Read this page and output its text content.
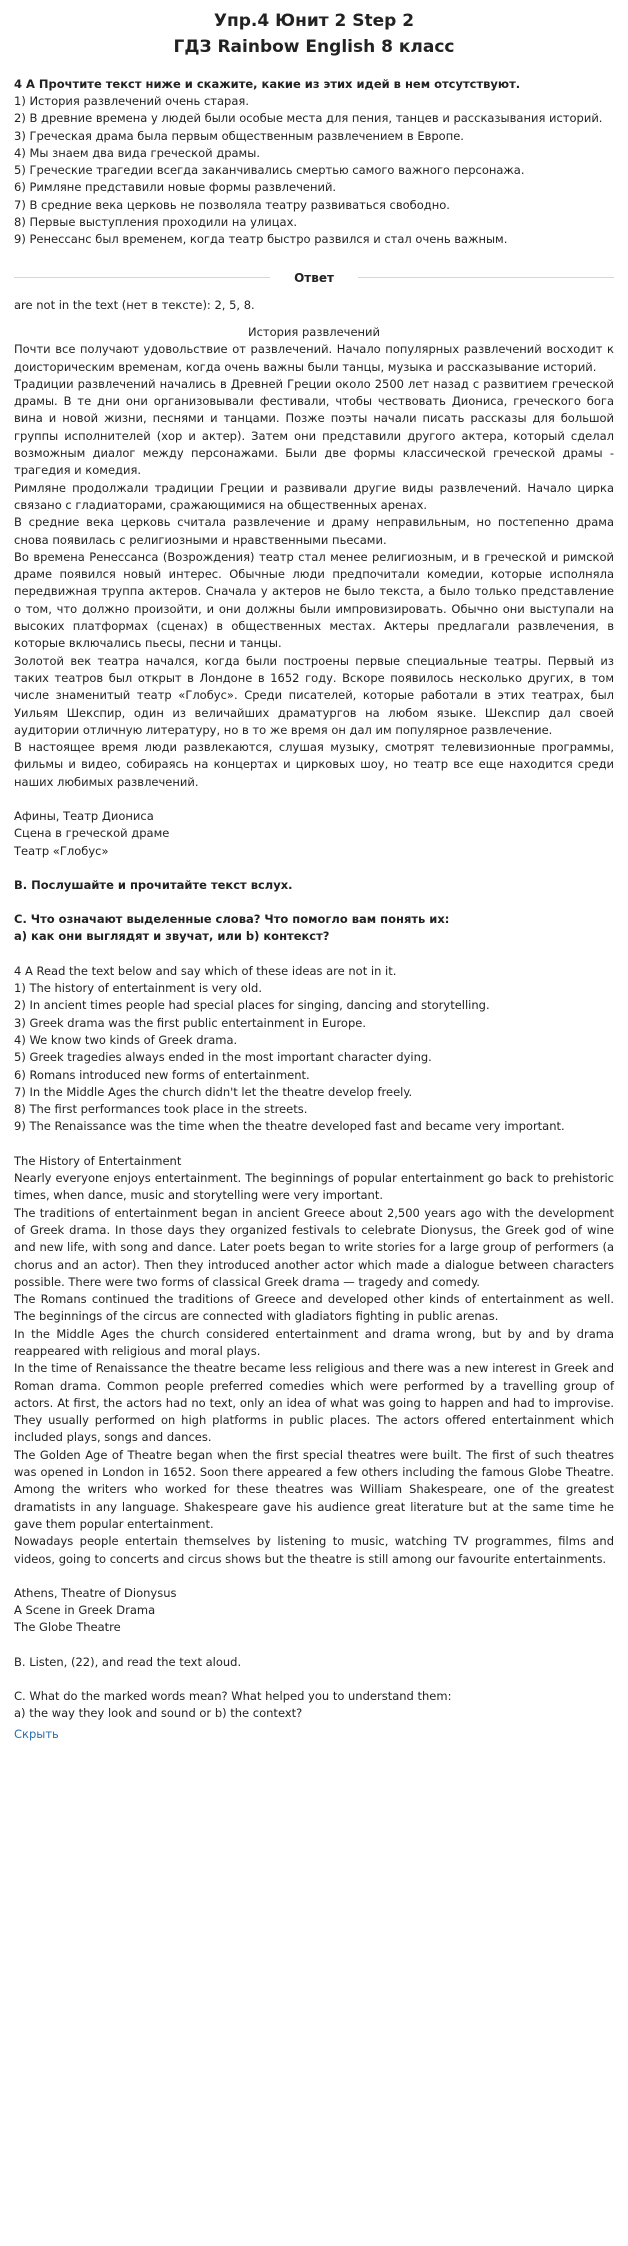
Упр.4 Юнит 2 Step 2
ГДЗ Rainbow English 8 класс

4 А Прочтите текст ниже и скажите, какие из этих идей в нем отсутствуют.

1) История развлечений очень старая.
2) В древние времена у людей были особые места для пения, танцев и рассказывания историй.
3) Греческая драма была первым общественным развлечением в Европе.
4) Мы знаем два вида греческой драмы.
5) Греческие трагедии всегда заканчивались смертью самого важного персонажа.
6) Римляне представили новые формы развлечений.
7) В средние века церковь не позволяла театру развиваться свободно.
8) Первые выступления проходили на улицах.
9) Ренессанс был временем, когда театр быстро развился и стал очень важным.
Ответ

are not in the text (нет в тексте): 2, 5, 8.

История развлечений

Почти все получают удовольствие от развлечений. Начало популярных развлечений восходит к доисторическим временам, когда очень важны были танцы, музыка и рассказывание историй.

Традиции развлечений начались в Древней Греции около 2500 лет назад с развитием греческой драмы. В те дни они организовывали фестивали, чтобы чествовать Диониса, греческого бога вина и новой жизни, песнями и танцами. Позже поэты начали писать рассказы для большой группы исполнителей (хор и актер). Затем они представили другого актера, который сделал возможным диалог между персонажами. Были две формы классической греческой драмы - трагедия и комедия.

Римляне продолжали традиции Греции и развивали другие виды развлечений. Начало цирка связано с гладиаторами, сражающимися на общественных аренах.

В средние века церковь считала развлечение и драму неправильным, но постепенно драма снова появилась с религиозными и нравственными пьесами.

Во времена Ренессанса (Возрождения) театр стал менее религиозным, и в греческой и римской драме появился новый интерес. Обычные люди предпочитали комедии, которые исполняла передвижная труппа актеров. Сначала у актеров не было текста, а было только представление о том, что должно произойти, и они должны были импровизировать. Обычно они выступали на высоких платформах (сценах) в общественных местах. Актеры предлагали развлечения, в которые включались пьесы, песни и танцы.

Золотой век театра начался, когда были построены первые специальные театры. Первый из таких театров был открыт в Лондоне в 1652 году. Вскоре появилось несколько других, в том числе знаменитый театр «Глобус». Среди писателей, которые работали в этих театрах, был Уильям Шекспир, один из величайших драматургов на любом языке. Шекспир дал своей аудитории отличную литературу, но в то же время он дал им популярное развлечение.

В настоящее время люди развлекаются, слушая музыку, смотрят телевизионные программы, фильмы и видео, собираясь на концертах и цирковых шоу, но театр все еще находится среди наших любимых развлечений.

Афины, Театр Диониса

Сцена в греческой драме

Театр «Глобус»

B. Послушайте и прочитайте текст вслух.

C. Что означают выделенные слова? Что помогло вам понять их:

а) как они выглядят и звучат, или b) контекст?

4 A Read the text below and say which of these ideas are not in it.

1) The history of entertainment is very old.
2) In ancient times people had special places for singing, dancing and storytelling.
3) Greek drama was the first public entertainment in Europe.
4) We know two kinds of Greek drama.
5) Greek tragedies always ended in the most important character dying.
6) Romans introduced new forms of entertainment.
7) In the Middle Ages the church didn't let the theatre develop freely.
8) The first performances took place in the streets.
9) The Renaissance was the time when the theatre developed fast and became very important.

The History of Entertainment

Nearly everyone enjoys entertainment. The beginnings of popular entertainment go back to prehistoric times, when dance, music and storytelling were very important.

The traditions of entertainment began in ancient Greece about 2,500 years ago with the development of Greek drama. In those days they organized festivals to celebrate Dionysus, the Greek god of wine and new life, with song and dance. Later poets began to write stories for a large group of performers (a chorus and an actor). Then they introduced another actor which made a dialogue between characters possible. There were two forms of classical Greek drama — tragedy and comedy.

The Romans continued the traditions of Greece and developed other kinds of entertainment as well. The beginnings of the circus are connected with gladiators fighting in public arenas.

In the Middle Ages the church considered entertainment and drama wrong, but by and by drama reappeared with religious and moral plays.

In the time of Renaissance the theatre became less religious and there was a new interest in Greek and Roman drama. Common people preferred comedies which were performed by a travelling group of actors. At first, the actors had no text, only an idea of what was going to happen and had to improvise. They usually performed on high platforms in public places. The actors offered entertainment which included plays, songs and dances.

The Golden Age of Theatre began when the first special theatres were built. The first of such theatres was opened in London in 1652. Soon there appeared a few others including the famous Globe Theatre. Among the writers who worked for these theatres was William Shakespeare, one of the greatest dramatists in any language. Shakespeare gave his audience great literature but at the same time he gave them popular entertainment.

Nowadays people entertain themselves by listening to music, watching TV programmes, films and videos, going to concerts and circus shows but the theatre is still among our favourite entertainments.

Athens, Theatre of Dionysus

A Scene in Greek Drama

The Globe Theatre

B. Listen, (22), and read the text aloud.

C. What do the marked words mean? What helped you to understand them:

a) the way they look and sound or b) the context?

Скрыть
